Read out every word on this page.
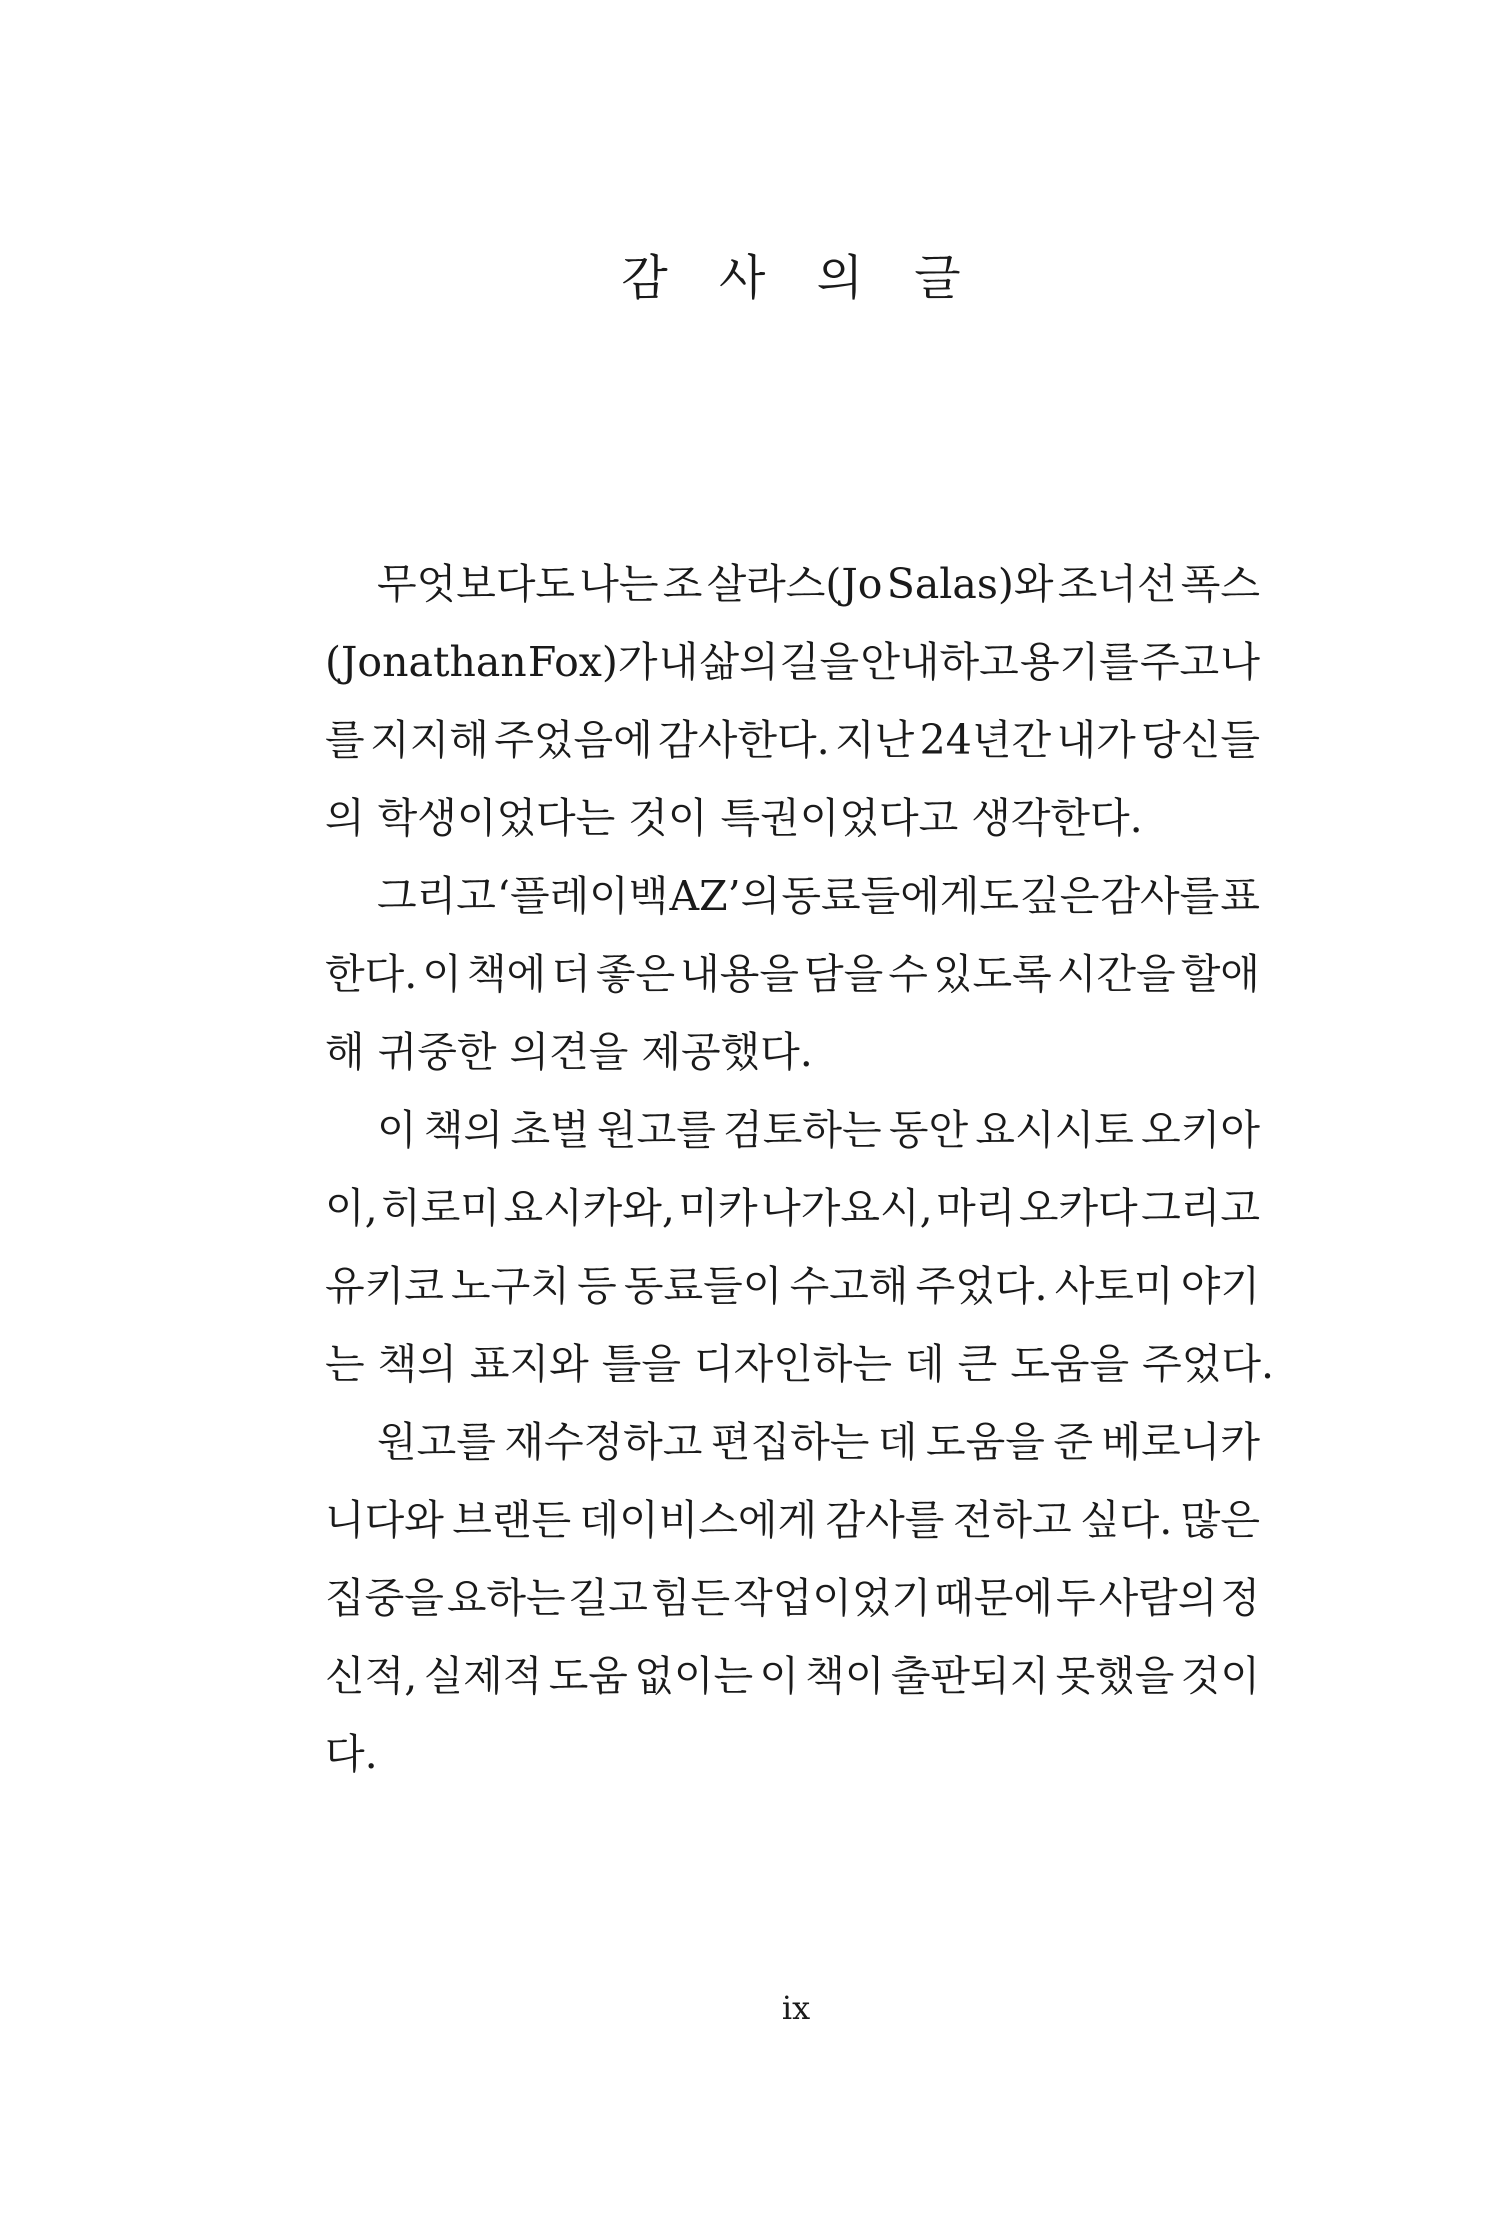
감 사 의 글
무엇보다도 나는 조 살라스(Jo Salas)와 조너선 폭스
(Jonathan Fox)가 내 삶의 길을 안내하고 용기를 주고 나
를 지지해 주었음에 감사한다. 지난 24년간 내가 당신들
의 학생이었다는 것이 특권이었다고 생각한다.
그리고 ‘플레이백 AZ’의 동료들에게도 깊은 감사를 표
한다. 이 책에 더 좋은 내용을 담을 수 있도록 시간을 할애
해 귀중한 의견을 제공했다.
이 책의 초벌 원고를 검토하는 동안 요시시토 오키아
이, 히로미 요시카와, 미카 나가요시, 마리 오카다 그리고
유키코 노구치 등 동료들이 수고해 주었다. 사토미 야기
는 책의 표지와 틀을 디자인하는 데 큰 도움을 주었다.
원고를 재수정하고 편집하는 데 도움을 준 베로니카
니다와 브랜든 데이비스에게 감사를 전하고 싶다. 많은
집중을 요하는 길고 힘든 작업이었기 때문에 두 사람의 정
신적, 실제적 도움 없이는 이 책이 출판되지 못했을 것이
다.
ix
